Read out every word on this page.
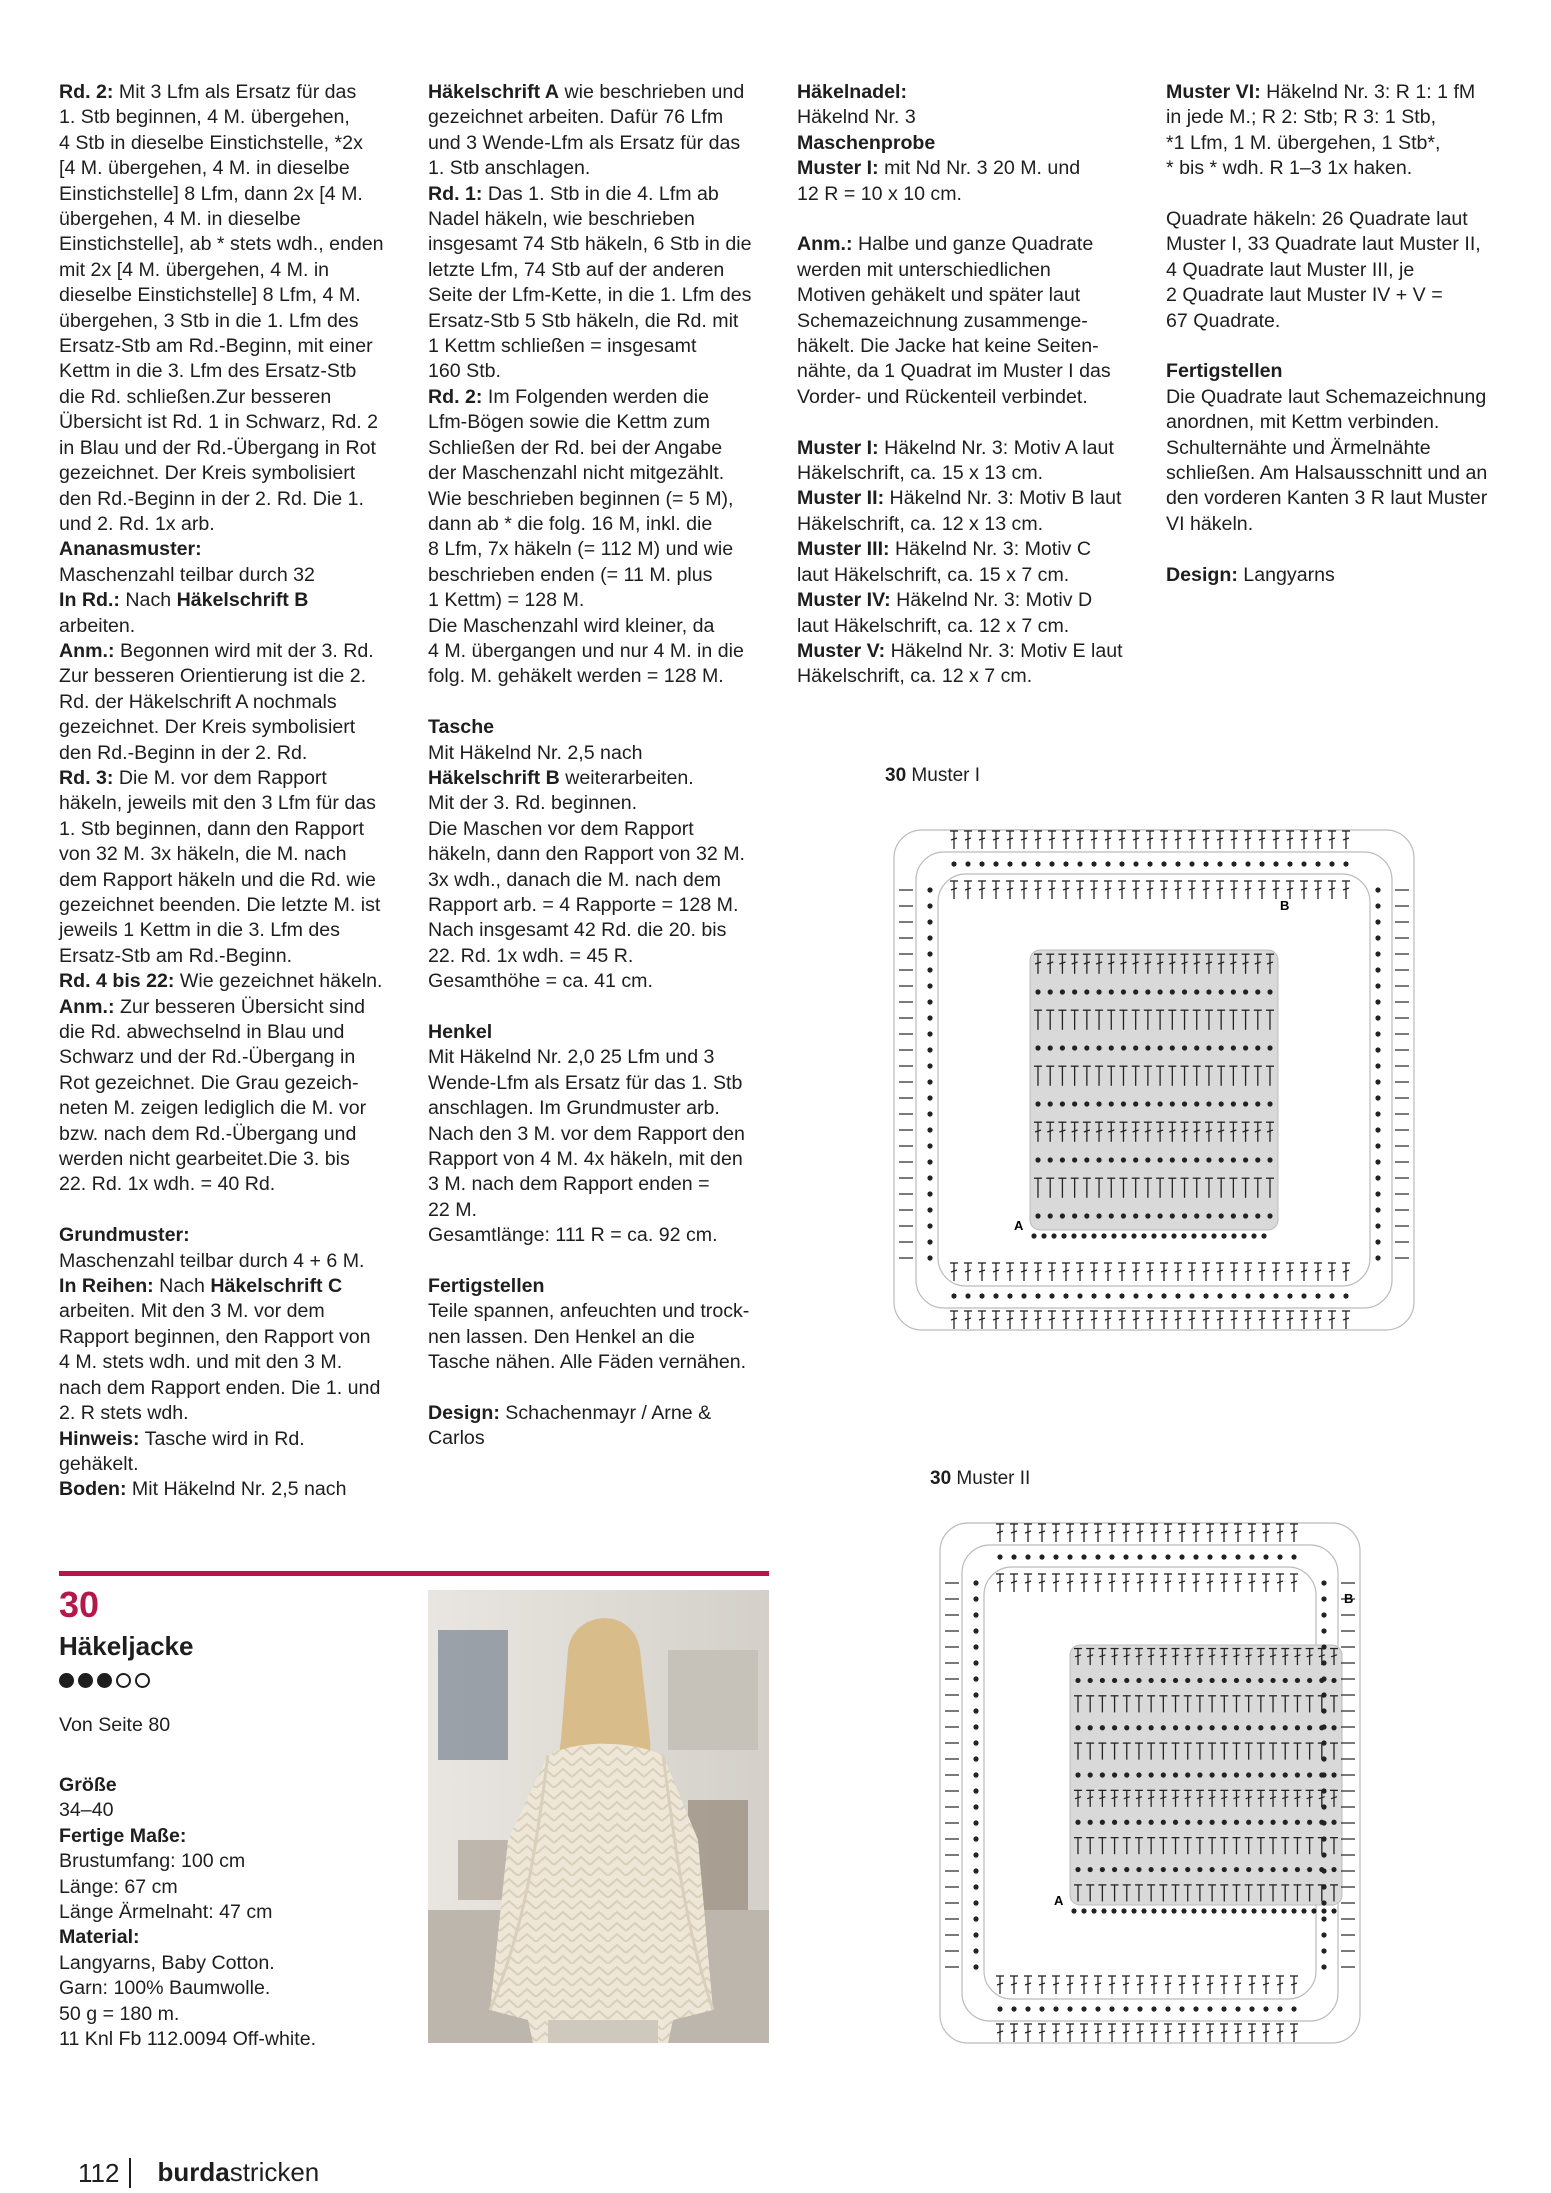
Rd. 2: Mit 3 Lfm als Ersatz für das

1. Stb beginnen, 4 M. übergehen,

4 Stb in dieselbe Einstichstelle, *2x

[4 M. übergehen, 4 M. in dieselbe

Einstichstelle] 8 Lfm, dann 2x [4 M.

übergehen, 4 M. in dieselbe

Einstichstelle], ab * stets wdh., enden

mit 2x [4 M. übergehen, 4 M. in

dieselbe Einstichstelle] 8 Lfm, 4 M.

übergehen, 3 Stb in die 1. Lfm des

Ersatz-Stb am Rd.-Beginn, mit einer

Kettm in die 3. Lfm des Ersatz-Stb

die Rd. schließen.Zur besseren

Übersicht ist Rd. 1 in Schwarz, Rd. 2

in Blau und der Rd.-Übergang in Rot

gezeichnet. Der Kreis symbolisiert

den Rd.-Beginn in der 2. Rd. Die 1.

und 2. Rd. 1x arb.

Ananasmuster:

Maschenzahl teilbar durch 32

In Rd.: Nach Häkelschrift B

arbeiten.

Anm.: Begonnen wird mit der 3. Rd.

Zur besseren Orientierung ist die 2.

Rd. der Häkelschrift A nochmals

gezeichnet. Der Kreis symbolisiert

den Rd.-Beginn in der 2. Rd.

Rd. 3: Die M. vor dem Rapport

häkeln, jeweils mit den 3 Lfm für das

1. Stb beginnen, dann den Rapport

von 32 M. 3x häkeln, die M. nach

dem Rapport häkeln und die Rd. wie

gezeichnet beenden. Die letzte M. ist

jeweils 1 Kettm in die 3. Lfm des

Ersatz-Stb am Rd.-Beginn.

Rd. 4 bis 22: Wie gezeichnet häkeln.

Anm.: Zur besseren Übersicht sind

die Rd. abwechselnd in Blau und

Schwarz und der Rd.-Übergang in

Rot gezeichnet. Die Grau gezeich-

neten M. zeigen lediglich die M. vor

bzw. nach dem Rd.-Übergang und

werden nicht gearbeitet.Die 3. bis

22. Rd. 1x wdh. = 40 Rd.

Grundmuster:

Maschenzahl teilbar durch 4 + 6 M.

In Reihen: Nach Häkelschrift C

arbeiten. Mit den 3 M. vor dem

Rapport beginnen, den Rapport von

4 M. stets wdh. und mit den 3 M.

nach dem Rapport enden. Die 1. und

2. R stets wdh.

Hinweis: Tasche wird in Rd.

gehäkelt.

Boden: Mit Häkelnd Nr. 2,5 nach

Häkelschrift A wie beschrieben und

gezeichnet arbeiten. Dafür 76 Lfm

und 3 Wende-Lfm als Ersatz für das

1. Stb anschlagen.

Rd. 1: Das 1. Stb in die 4. Lfm ab

Nadel häkeln, wie beschrieben

insgesamt 74 Stb häkeln, 6 Stb in die

letzte Lfm, 74 Stb auf der anderen

Seite der Lfm-Kette, in die 1. Lfm des

Ersatz-Stb 5 Stb häkeln, die Rd. mit

1 Kettm schließen = insgesamt

160 Stb.

Rd. 2: Im Folgenden werden die

Lfm-Bögen sowie die Kettm zum

Schließen der Rd. bei der Angabe

der Maschenzahl nicht mitgezählt.

Wie beschrieben beginnen (= 5 M),

dann ab * die folg. 16 M, inkl. die

8 Lfm, 7x häkeln (= 112 M) und wie

beschrieben enden (= 11 M. plus

1 Kettm) = 128 M.

Die Maschenzahl wird kleiner, da

4 M. übergangen und nur 4 M. in die

folg. M. gehäkelt werden = 128 M.

Tasche

Mit Häkelnd Nr. 2,5 nach

Häkelschrift B weiterarbeiten.

Mit der 3. Rd. beginnen.

Die Maschen vor dem Rapport

häkeln, dann den Rapport von 32 M.

3x wdh., danach die M. nach dem

Rapport arb. = 4 Rapporte = 128 M.

Nach insgesamt 42 Rd. die 20. bis

22. Rd. 1x wdh. = 45 R.

Gesamthöhe = ca. 41 cm.

Henkel

Mit Häkelnd Nr. 2,0 25 Lfm und 3

Wende-Lfm als Ersatz für das 1. Stb

anschlagen. Im Grundmuster arb.

Nach den 3 M. vor dem Rapport den

Rapport von 4 M. 4x häkeln, mit den

3 M. nach dem Rapport enden =

22 M.

Gesamtlänge: 111 R = ca. 92 cm.

Fertigstellen

Teile spannen, anfeuchten und trock-

nen lassen. Den Henkel an die

Tasche nähen. Alle Fäden vernähen.

Design: Schachenmayr / Arne &

Carlos

Häkelnadel:

Häkelnd Nr. 3

Maschenprobe

Muster I: mit Nd Nr. 3 20 M. und

12 R = 10 x 10 cm.

Anm.: Halbe und ganze Quadrate

werden mit unterschiedlichen

Motiven gehäkelt und später laut

Schemazeichnung zusammenge-

häkelt. Die Jacke hat keine Seiten-

nähte, da 1 Quadrat im Muster I das

Vorder- und Rückenteil verbindet.

Muster I: Häkelnd Nr. 3: Motiv A laut

Häkelschrift, ca. 15 x 13 cm.

Muster II: Häkelnd Nr. 3: Motiv B laut

Häkelschrift, ca. 12 x 13 cm.

Muster III: Häkelnd Nr. 3: Motiv C

laut Häkelschrift, ca. 15 x 7 cm.

Muster IV: Häkelnd Nr. 3: Motiv D

laut Häkelschrift, ca. 12 x 7 cm.

Muster V: Häkelnd Nr. 3: Motiv E laut

Häkelschrift, ca. 12 x 7 cm.

Muster VI: Häkelnd Nr. 3: R 1: 1 fM

in jede M.; R 2: Stb; R 3: 1 Stb,

*1 Lfm, 1 M. übergehen, 1 Stb*,

* bis * wdh. R 1–3 1x haken.

Quadrate häkeln: 26 Quadrate laut

Muster I, 33 Quadrate laut Muster II,

4 Quadrate laut Muster III, je

2 Quadrate laut Muster IV + V =

67 Quadrate.

Fertigstellen

Die Quadrate laut Schemazeichnung

anordnen, mit Kettm verbinden.

Schulternähte und Ärmelnähte

schließen. Am Halsausschnitt und an

den vorderen Kanten 3 R laut Muster

VI häkeln.

Design: Langyarns

30 Muster I
A
B
30 Muster II
A
B
30
Häkeljacke
Von Seite 80

Größe

34–40

Fertige Maße:

Brustumfang: 100 cm

Länge: 67 cm

Länge Ärmelnaht: 47 cm

Material:

Langyarns, Baby Cotton.

Garn: 100% Baumwolle.

50 g = 180 m.

11 Knl Fb 112.0094 Off-white.

112	burdastricken
